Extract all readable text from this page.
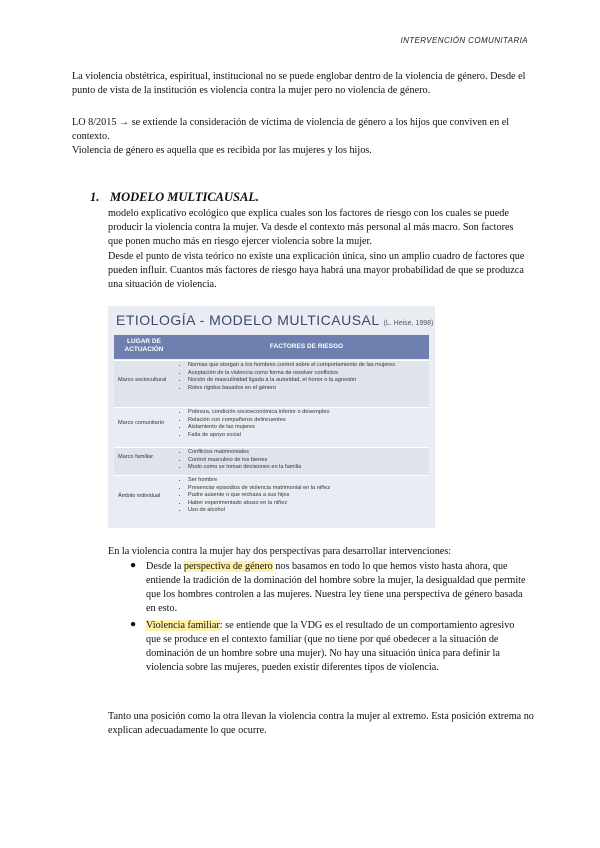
INTERVENCIÓN COMUNITARIA

La violencia obstétrica, espiritual, institucional no se puede englobar dentro de la violencia de género. Desde el punto de vista de la institución es violencia contra la mujer pero no violencia de género.

LO 8/2015 → se extiende la consideración de víctima de violencia de género a los hijos que conviven en el contexto.
Violencia de género es aquella que es recibida por las mujeres y los hijos.
1. MODELO MULTICAUSAL.
modelo explicativo ecológico que explica cuales son los factores de riesgo con los cuales se puede producir la violencia contra la mujer. Va desde el contexto más personal al más macro. Son factores que ponen mucho más en riesgo ejercer violencia sobre la mujer.
Desde el punto de vista teórico no existe una explicación única, sino un amplio cuadro de factores que pueden influir. Cuantos más factores de riesgo haya habrá una mayor probabilidad de que se produzca una situación de violencia.
ETIOLOGÍA - MODELO MULTICAUSAL (L. Heise, 1998)
LUGAR DE ACTUACIÓN	FACTORES DE RIESGO
Marco sociocultural
• Normas que otorgan a los hombres control sobre el comportamiento de las mujeres
• Aceptación de la violencia como forma de resolver conflictos
• Noción de masculinidad ligada a la autoridad, el honor o la agresión
• Roles rígidos basados en el género
Marco comunitario
• Pobreza, condición socioeconómica inferior o desempleo
• Relación con compañeros delincuentes
• Aislamiento de las mujeres
• Falta de apoyo social
Marco familiar
• Conflictos matrimoniales
• Control masculino de los bienes
• Modo como se toman decisiones en la familia
Ámbito individual
• Ser hombre
• Presenciar episodios de violencia matrimonial en la niñez
• Padre ausente o que rechaza a sus hijos
• Haber experimentado abuso en la niñez
• Uso de alcohol

En la violencia contra la mujer hay dos perspectivas para desarrollar intervenciones:

● Desde la perspectiva de género nos basamos en todo lo que hemos visto hasta ahora, que entiende la tradición de la dominación del hombre sobre la mujer, la desigualdad que permite que los hombres controlen a las mujeres. Nuestra ley tiene una perspectiva de género basada en esto.

● Violencia familiar: se entiende que la VDG es el resultado de un comportamiento agresivo que se produce en el contexto familiar (que no tiene por qué obedecer a la situación de dominación de un hombre sobre una mujer). No hay una situación única para definir la violencia sobre las mujeres, pueden existir diferentes tipos de violencia.

Tanto una posición como la otra llevan la violencia contra la mujer al extremo. Esta posición extrema no explican adecuadamente lo que ocurre.
